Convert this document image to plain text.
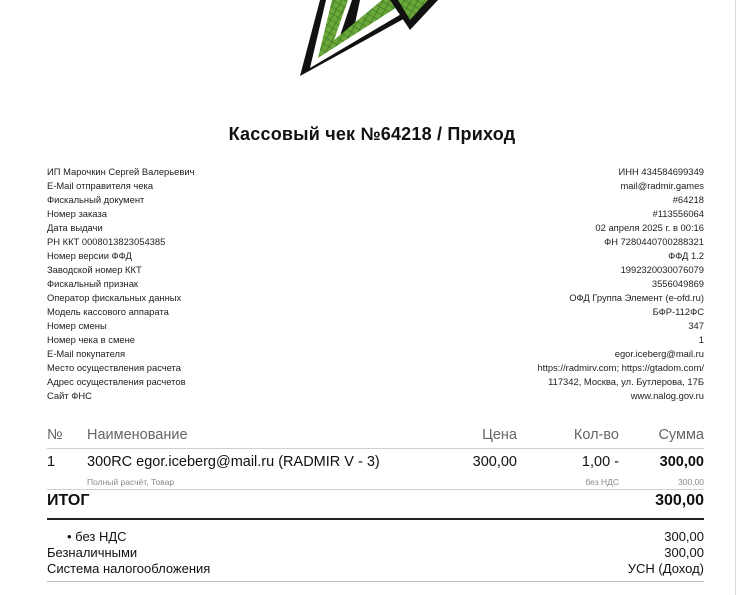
Кассовый чек №64218 / Приход
ИП Марочкин Сергей Валерьевич	ИНН 434584699349
E-Mail отправителя чека	mail@radmir.games
Фискальный документ	#64218
Номер заказа	#113556064
Дата выдачи	02 апреля 2025 г. в 00:16
РН ККТ 0008013823054385	ФН 7280440700288321
Номер версии ФФД	ФФД 1.2
Заводской номер ККТ	1992320030076079
Фискальный признак	3556049869
Оператор фискальных данных	ОФД Группа Элемент (e-ofd.ru)
Модель кассового аппарата	БФР-112ФС
Номер смены	347
Номер чека в смене	1
E-Mail покупателя	egor.iceberg@mail.ru
Место осуществления расчета	https://radmirv.com; https://gtadom.com/
Адрес осуществления расчетов	117342, Москва, ул. Бутлерова, 17Б
Сайт ФНС	www.nalog.gov.ru
№ Наименование	Цена	Кол-во	Сумма
1 300RC egor.iceberg@mail.ru (RADMIR V - 3)	300,00	1,00 -	300,00
Полный расчёт, Товар	без НДС	300,00
ИТОГ	300,00
• без НДС	300,00
Безналичными	300,00
Система налогообложения	УСН (Доход)
